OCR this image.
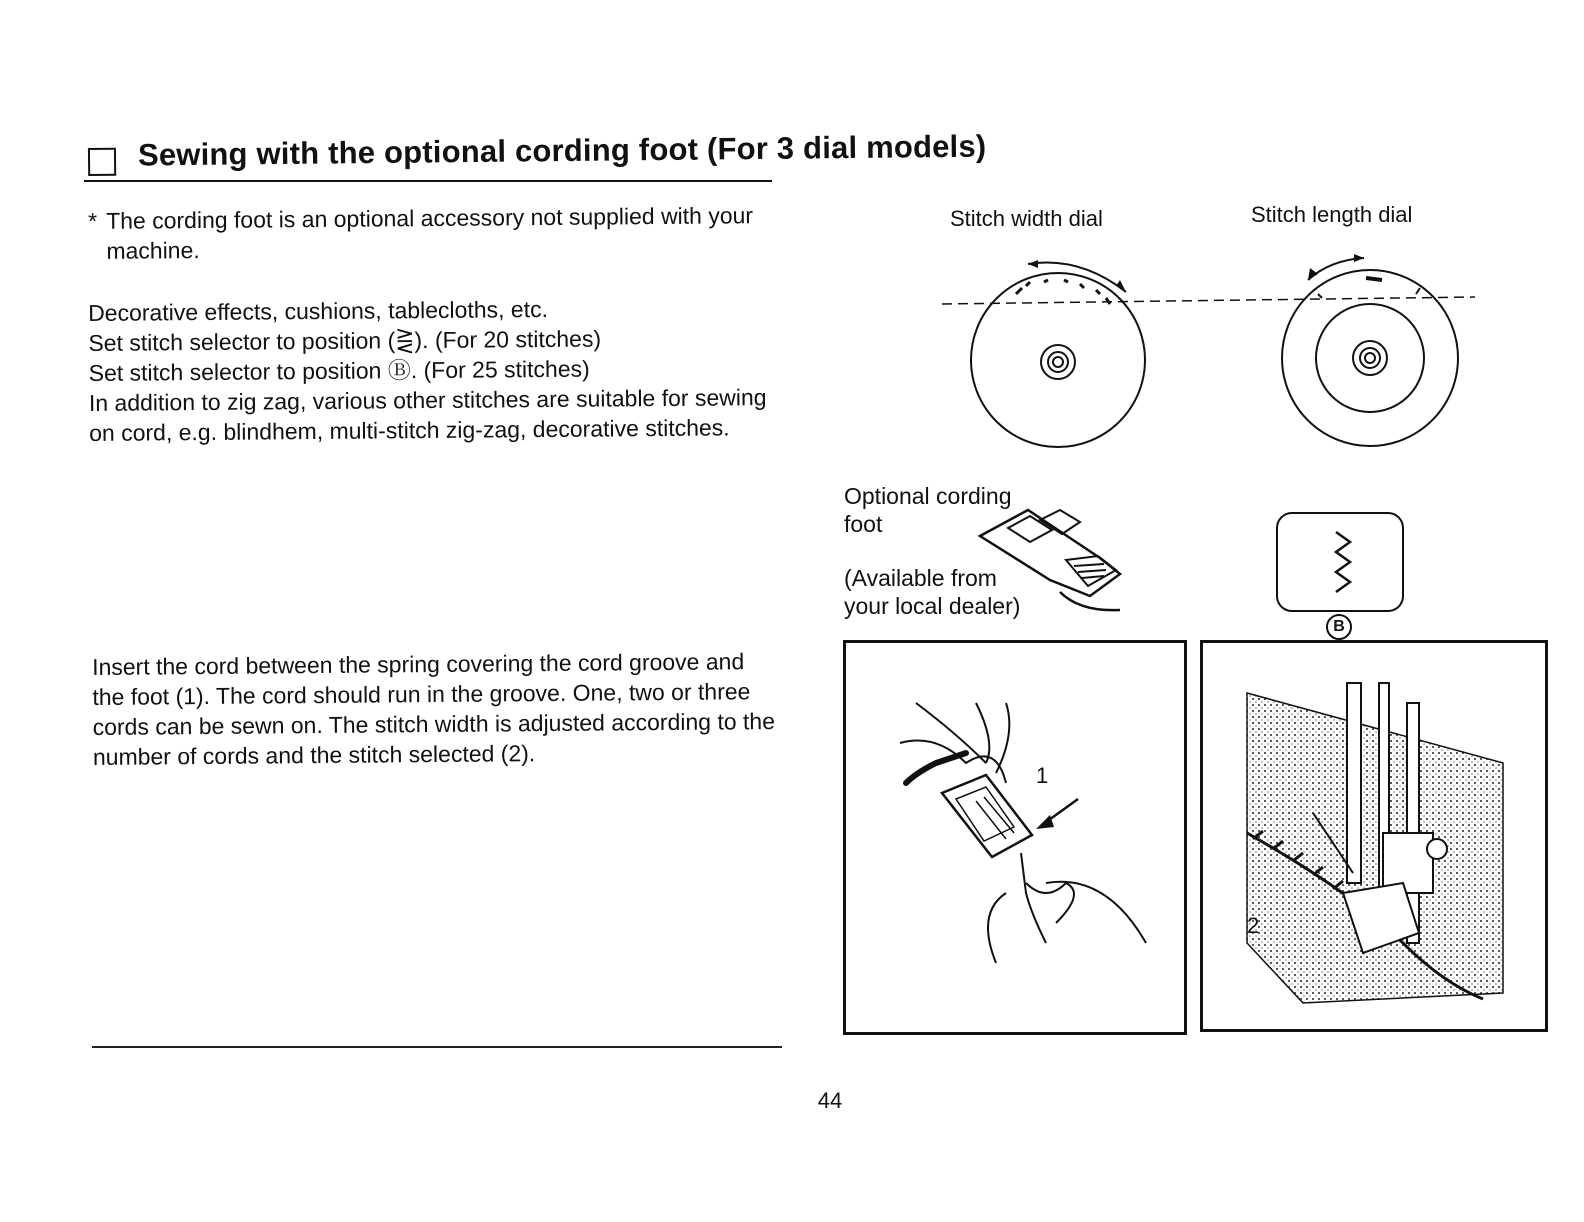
Sewing with the optional cording foot (For 3 dial models)
* The cording foot is an optional accessory not supplied with your machine.
Decorative effects, cushions, tablecloths, etc.
Set stitch selector to position (⋛). (For 20 stitches)
Set stitch selector to position Ⓑ. (For 25 stitches)
In addition to zig zag, various other stitches are suitable for sewing on cord, e.g. blindhem, multi-stitch zig-zag, decorative stitches.
Insert the cord between the spring covering the cord groove and the foot (1). The cord should run in the groove. One, two or three cords can be sewn on. The stitch width is adjusted according to the number of cords and the stitch selected (2).
Stitch width dial	Stitch length dial
Optional cording
foot
(Available from
your local dealer)
B
1
2
44
